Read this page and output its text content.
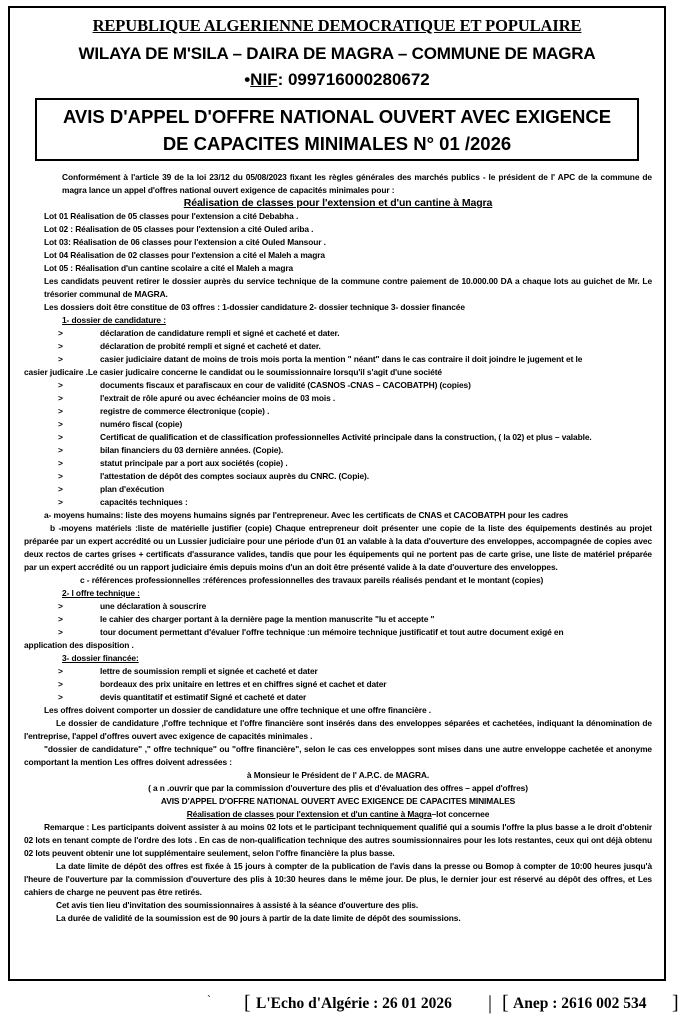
REPUBLIQUE ALGERIENNE DEMOCRATIQUE ET POPULAIRE
WILAYA DE M'SILA – DAIRA DE MAGRA – COMMUNE DE MAGRA
•NIF: 099716000280672
AVIS D'APPEL D'OFFRE NATIONAL OUVERT AVEC EXIGENCE
DE CAPACITES MINIMALES N° 01 /2026

Conformément à l'article 39 de la loi 23/12 du 05/08/2023 fixant les règles générales des marchés publics - le président de l' APC de la commune de magra lance un appel d'offres national ouvert exigence de capacités minimales pour :

Réalisation de classes pour l'extension et d'un cantine à Magra

Lot 01 Réalisation de 05 classes pour l'extension a cité Debabha .

Lot 02 : Réalisation de 05 classes pour l'extension a cité Ouled ariba .

Lot 03: Réalisation de 06 classes pour l'extension a cité Ouled Mansour .

Lot 04 Réalisation de 02 classes pour l'extension a cité el Maleh a magra

Lot 05 : Réalisation d'un cantine scolaire a cité el Maleh a magra

Les candidats peuvent retirer le dossier auprès du service technique de la commune contre paiement de 10.000.00 DA a chaque lots au guichet de Mr. Le trésorier communal de MAGRA.

Les dossiers doit être constitue de 03 offres : 1-dossier candidature 2- dossier technique 3- dossier financée

1- dossier de candidature :

>	déclaration de candidature rempli et signé et cacheté et dater.

>	déclaration de probité rempli et signé et cacheté et dater.

>	casier judiciaire datant de moins de trois mois porta la mention " néant" dans le cas contraire il doit joindre le jugement et le

casier judicaire .Le casier judicaire concerne le candidat ou le soumissionnaire lorsqu'il s'agit d'une société

>	documents fiscaux et parafiscaux en cour de validité (CASNOS -CNAS – CACOBATPH) (copies)

>	l'extrait de rôle apuré ou avec échéancier moins de 03 mois .

>	registre de commerce électronique (copie) .

>	numéro fiscal (copie)

>	Certificat de qualification et de classification professionnelles Activité principale dans la construction, ( la 02) et plus – valable.

>	bilan financiers du 03 dernière années. (Copie).

>	statut principale par a port aux sociétés (copie) .

>	l'attestation de dépôt des comptes sociaux auprès du CNRC. (Copie).

>	plan d'exécution

>	capacités techniques :

a- moyens humains: liste des moyens humains signés par l'entrepreneur. Avec les certificats de CNAS et CACOBATPH pour les cadres

b -moyens matériels :liste de matérielle justifier (copie) Chaque entrepreneur doit présenter une copie de la liste des équipements destinés au projet préparée par un expert accrédité ou un Lussier judiciaire pour une période d'un 01 an valable à la data d'ouverture des enveloppes, accompagnée de copies avec deux rectos de cartes grises + certificats d'assurance valides, tandis que pour les équipements qui ne portent pas de carte grise, une liste de matériel préparée par un expert accrédité ou un rapport judiciaire émis depuis moins d'un an doit être présenté valide à la date d'ouverture des enveloppes.

c - références professionnelles :références professionnelles des travaux pareils réalisés pendant et le montant (copies)

2- l offre technique :

>	une déclaration à souscrire

>	le cahier des charger portant à la dernière page la mention manuscrite "lu et accepte "

>	tour document permettant d'évaluer l'offre technique :un mémoire technique justificatif et tout autre document exigé en

application des disposition .

3- dossier financée:

>	lettre de soumission rempli et signée et cacheté et dater

>	bordeaux des prix unitaire en lettres et en chiffres signé et cachet et dater

>	devis quantitatif et estimatif Signé et cacheté et dater

Les offres doivent comporter un dossier de candidature une offre technique et une offre financière .

Le dossier de candidature ,l'offre technique et l'offre financière sont insérés dans des enveloppes séparées et cachetées, indiquant la dénomination de l'entreprise, l'appel d'offres ouvert avec exigence de capacités minimales .

"dossier de candidature" ," offre technique" ou "offre financière", selon le cas ces enveloppes sont mises dans une autre enveloppe cachetée et anonyme comportant la mention Les offres doivent adressées :

à Monsieur le Président de l' A.P.C. de MAGRA.

( a n .ouvrir que par la commission d'ouverture des plis et d'évaluation des offres – appel d'offres)

AVIS D'APPEL D'OFFRE NATIONAL OUVERT AVEC EXIGENCE DE CAPACITES MINIMALES

Réalisation de classes pour l'extension et d'un cantine à Magra–lot concernee

Remarque : Les participants doivent assister à au moins 02 lots et le participant techniquement qualifié qui a soumis l'offre la plus basse a le droit d'obtenir 02 lots en tenant compte de l'ordre des lots . En cas de non-qualification technique des autres soumissionnaires pour les lots restantes, ceux qui ont déjà obtenu 02 lots peuvent obtenir une lot supplémentaire seulement, selon l'offre financière la plus basse.

La date limite de dépôt des offres est fixée à 15 jours à compter de la publication de l'avis dans la presse ou Bomop à compter de 10:00 heures jusqu'à l'heure de l'ouverture par la commission d'ouverture des plis à 10:30 heures dans le même jour. De plus, le dernier jour est réservé au dépôt des offres, et Les cahiers de charge ne peuvent pas être retirés.

Cet avis tien lieu d'invitation des soumissionnaires à assisté à la séance d'ouverture des plis.

La durée de validité de la soumission est de 90 jours à partir de la date limite de dépôt des soumissions.

` [ L'Echo d'Algérie : 26 01 2026 | [ Anep : 2616 002 534 ]
